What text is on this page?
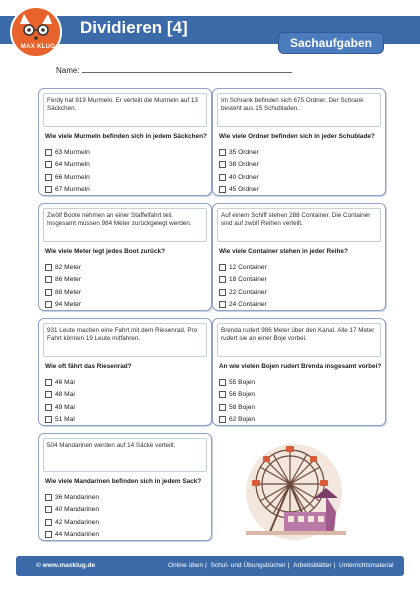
MAX KLUG
Dividieren [4]
Sachaufgaben
Name:
Ferdy hat 819 Murmeln. Er verteilt die Murmeln auf 13 Säckchen.
Wie viele Murmeln befinden sich in jedem Säckchen?
63 Murmeln
64 Murmeln
66 Murmeln
67 Murmeln
Im Schrank befinden sich 675 Ordner. Der Schrank besteht aus 15 Schubladen.
Wie viele Ordner befinden sich in jeder Schublade?
35 Ordner
38 Ordner
40 Ordner
45 Ordner
Zwölf Boote nehmen an einer Staffelfahrt teil. Insgesamt müssen 984 Meter zurückgelegt werden.
Wie viele Meter legt jedes Boot zurück?
82 Meter
86 Meter
88 Meter
94 Meter
Auf einem Schiff stehen 288 Container. Die Container sind auf zwölf Reihen verteilt.
Wie viele Container stehen in jeder Reihe?
12 Container
18 Container
22 Container
24 Container
931 Leute machen eine Fahrt mit dem Riesenrad. Pro Fahrt können 19 Leute mitfahren.
Wie oft fährt das Riesenrad?
46 Mal
48 Mal
49 Mal
51 Mal
Brenda rudert 986 Meter über den Kanal. Alle 17 Meter rudert sie an einer Boje vorbei.
An wie vielen Bojen rudert Brenda insgesamt vorbei?
55 Bojen
56 Bojen
58 Bojen
62 Bojen
504 Mandarinen werden auf 14 Säcke verteilt.
Wie viele Mandarinen befinden sich in jedem Sack?
36 Mandarinen
40 Mandarinen
42 Mandarinen
44 Mandarinen
© www.maxklug.de	Online üben | Schul- und Übungsbücher | Arbeitsblätter | Unterrichtsmaterial
